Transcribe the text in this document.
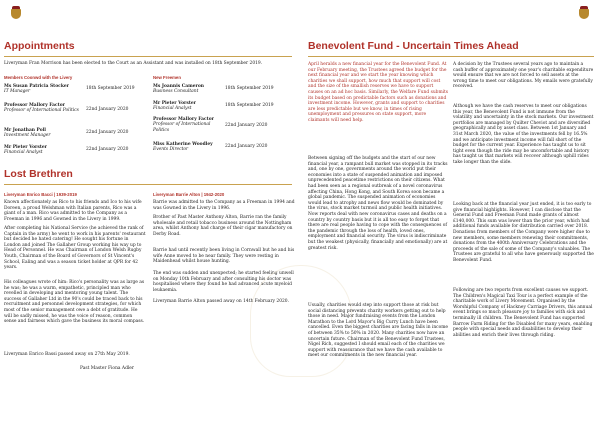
Appointments
Liveryman Fran Morrison has been elected to the Court as an Assistant and was installed on 18th September 2019.
Members Coonwd with the Livery	New Freemen
Ms Susan Patricia Stocker
IT Manager
18th September 2019
Professor Mallory Factor
Professor of International Politics	22nd January 2020
Mr Jonathan Poll
Investment Manager
22nd January 2020
Mr Pieter Vorster
Financial Analyst
22nd January 2020
Ms Joannis Cameron
Business Consultant
18th September 2019
Mr Pieter Vorster
Financial Analyst
18th September 2019
Professor Mallory Factor
Professor of International Politics
22nd January 2020
Miss Katherine Woodley
Events Director
22nd January 2020
Lost Brethren
Liveryman Enrico Bacci | 1939-2019
Known affectionately as Rico to his friends and Ico to his wife Doreen, a proud Welshman with Italian parents, Rico was a giant of a man. Rico was admitted to the Company as a Freeman in 1996 and Gowned in the Livery in 1999.
After completing his National Service (he achieved the rank of Captain in the army) he went to work in his parents' restaurant but decided he hated catering! He sought his fortune in London and joined The Gallaher Group working his way up to Head of Personnel. He was Chairman of London Welsh Rugby Youth, Chairman of the Board of Governors of St Vincent's School, Ealing and was a season ticket holder at QPR for 42 years.
His colleagues wrote of him: Rico's personality was as large as he was; he was a warm, empathetic, principled man who revelled in developing and mentoring young talent. The success of Gallaher Ltd in the 90's could be traced back to his recruitment and personnel development strategies, for which most of the senior management owe a debt of gratitude. He will be sadly missed, he was the voice of reason, common sense and fairness which gave the business its moral compass.
Liveryman Enrico Bassi passed away on 27th May 2019.
Past Master Fiona Adler
Liveryman Barrie Alton | 1942-2020
Barrie was admitted to the Company as a Freeman in 1994 and was Gowned in the Livery in 1996.
Brother of Past Master Anthony Alton, Barrie ran the family wholesale and retail tobacco business around the Nottingham area, whilst Anthony had charge of their cigar manufactory on Derby Road.
Barrie had until recently been living in Cornwall but he and his wife Anne moved to be near family. They were resting in Maidenhead whilst house hunting.
The end was sudden and unexpected; he started feeling unwell on Monday 10th February and after consulting his doctor was hospitalised where they found he had advanced acute myeloid leukaemia.
Liveryman Barrie Alton passed away on 14th February 2020.
Benevolent Fund - Uncertain Times Ahead
April heralds a new financial year for the Benevolent Fund. At our February meeting, the Trustees agreed the budget for the next financial year and we start the year knowing which charities we shall support, how much that support will cost and the size of the smallish reserves we have to support causes on an ad hoc basis. Similarly, the Welfare Fund submits its budget based on predictable factors such as donations and investment income. However, grants and support to charities are less predictable but we know, in times of rising unemployment and pressures on state support, more claimants will need help.
Between signing off the budgets and the start of our new financial year, a rampant bull market was stopped in its tracks and, one by one, governments around the world put their economies into a state of suspended animation and imposed unprecedented peacetime restrictions on their citizens. What had been seen as a regional outbreak of a novel coronavirus affecting China, Hong Kong, and South Korea soon became a global pandemic. The suspended animation of economies would lead to atrophy and news flow would be dominated by the virus, stock market turmoil and public health initiatives. Now reports deal with new coronavirus cases and deaths on a country by country basis but it is all too easy to forget that there are real people having to cope with the consequences of the pandemic through the loss of health, loved ones, employment and financial security. The virus is indiscriminate but the weakest (physically, financially and emotionally) are at greatest risk.
Usually, charities would step into support those at risk but social distancing prevents charity workers getting out to help those in need. Major fundraising events from the London Marathon to the Lord Mayor's Big Curry Lunch have been cancelled. Even the biggest charities are facing falls in income of between 35% to 50% in 2020. Many charities now have an uncertain future. Chairman of the Benevolent Fund Trustees, Nigel Rich, suggested I should email each of the charities we support with reassurance that we have the cash available to meet our commitments in the new financial year.
A decision by the Trustees several years ago to maintain a cash buffer of approximately one year's charitable expenditure would ensure that we are not forced to sell assets at the wrong time to meet our obligations. My emails were gratefully received.
Although we have the cash reserves to meet our obligations this year, the Benevolent Fund is not immune from the volatility and uncertainty in the stock markets. Our investment portfolios are managed by Quilter Cheviot and are diversified geographically and by asset class. Between 1st January and 31st March 2020, the value of the investments fell by 16.5% and we anticipate investment income will fall short of the budget for the current year. Experience has taught us to sit tight even though the ride may be uncomfortable and history has taught us that markets will recover although uphill rides take longer than the slide.
Looking back at the financial year just ended, it is too early to give financial highlights. However, I can disclose that the General Fund and Freeman Fund made grants of almost £140,000. This sum was lower than the prior year, which had additional funds available for distribution carried over 2018. Donations from members of the Company were higher due to new members, some members renewing their commitments, donations from the 400th Anniversary Celebrations and the proceeds of the sale of some of the Company's valuables. The Trustees are grateful to all who have generously supported the Benevolent Fund.
Following are two reports from excellent causes we support. The Children's Magical Taxi Tour is a perfect example of the charitable work of Livery Movement. Organised by the Worshipful Company of Hackney Carriage Drivers, this annual event brings so much pleasure joy to families with sick and terminally ill children. The Benevolent Fund has supported Barrow Farm Riding for the Disabled for many years, enabling people with special needs and disabilities to develop their abilities and enrich their lives through riding.
